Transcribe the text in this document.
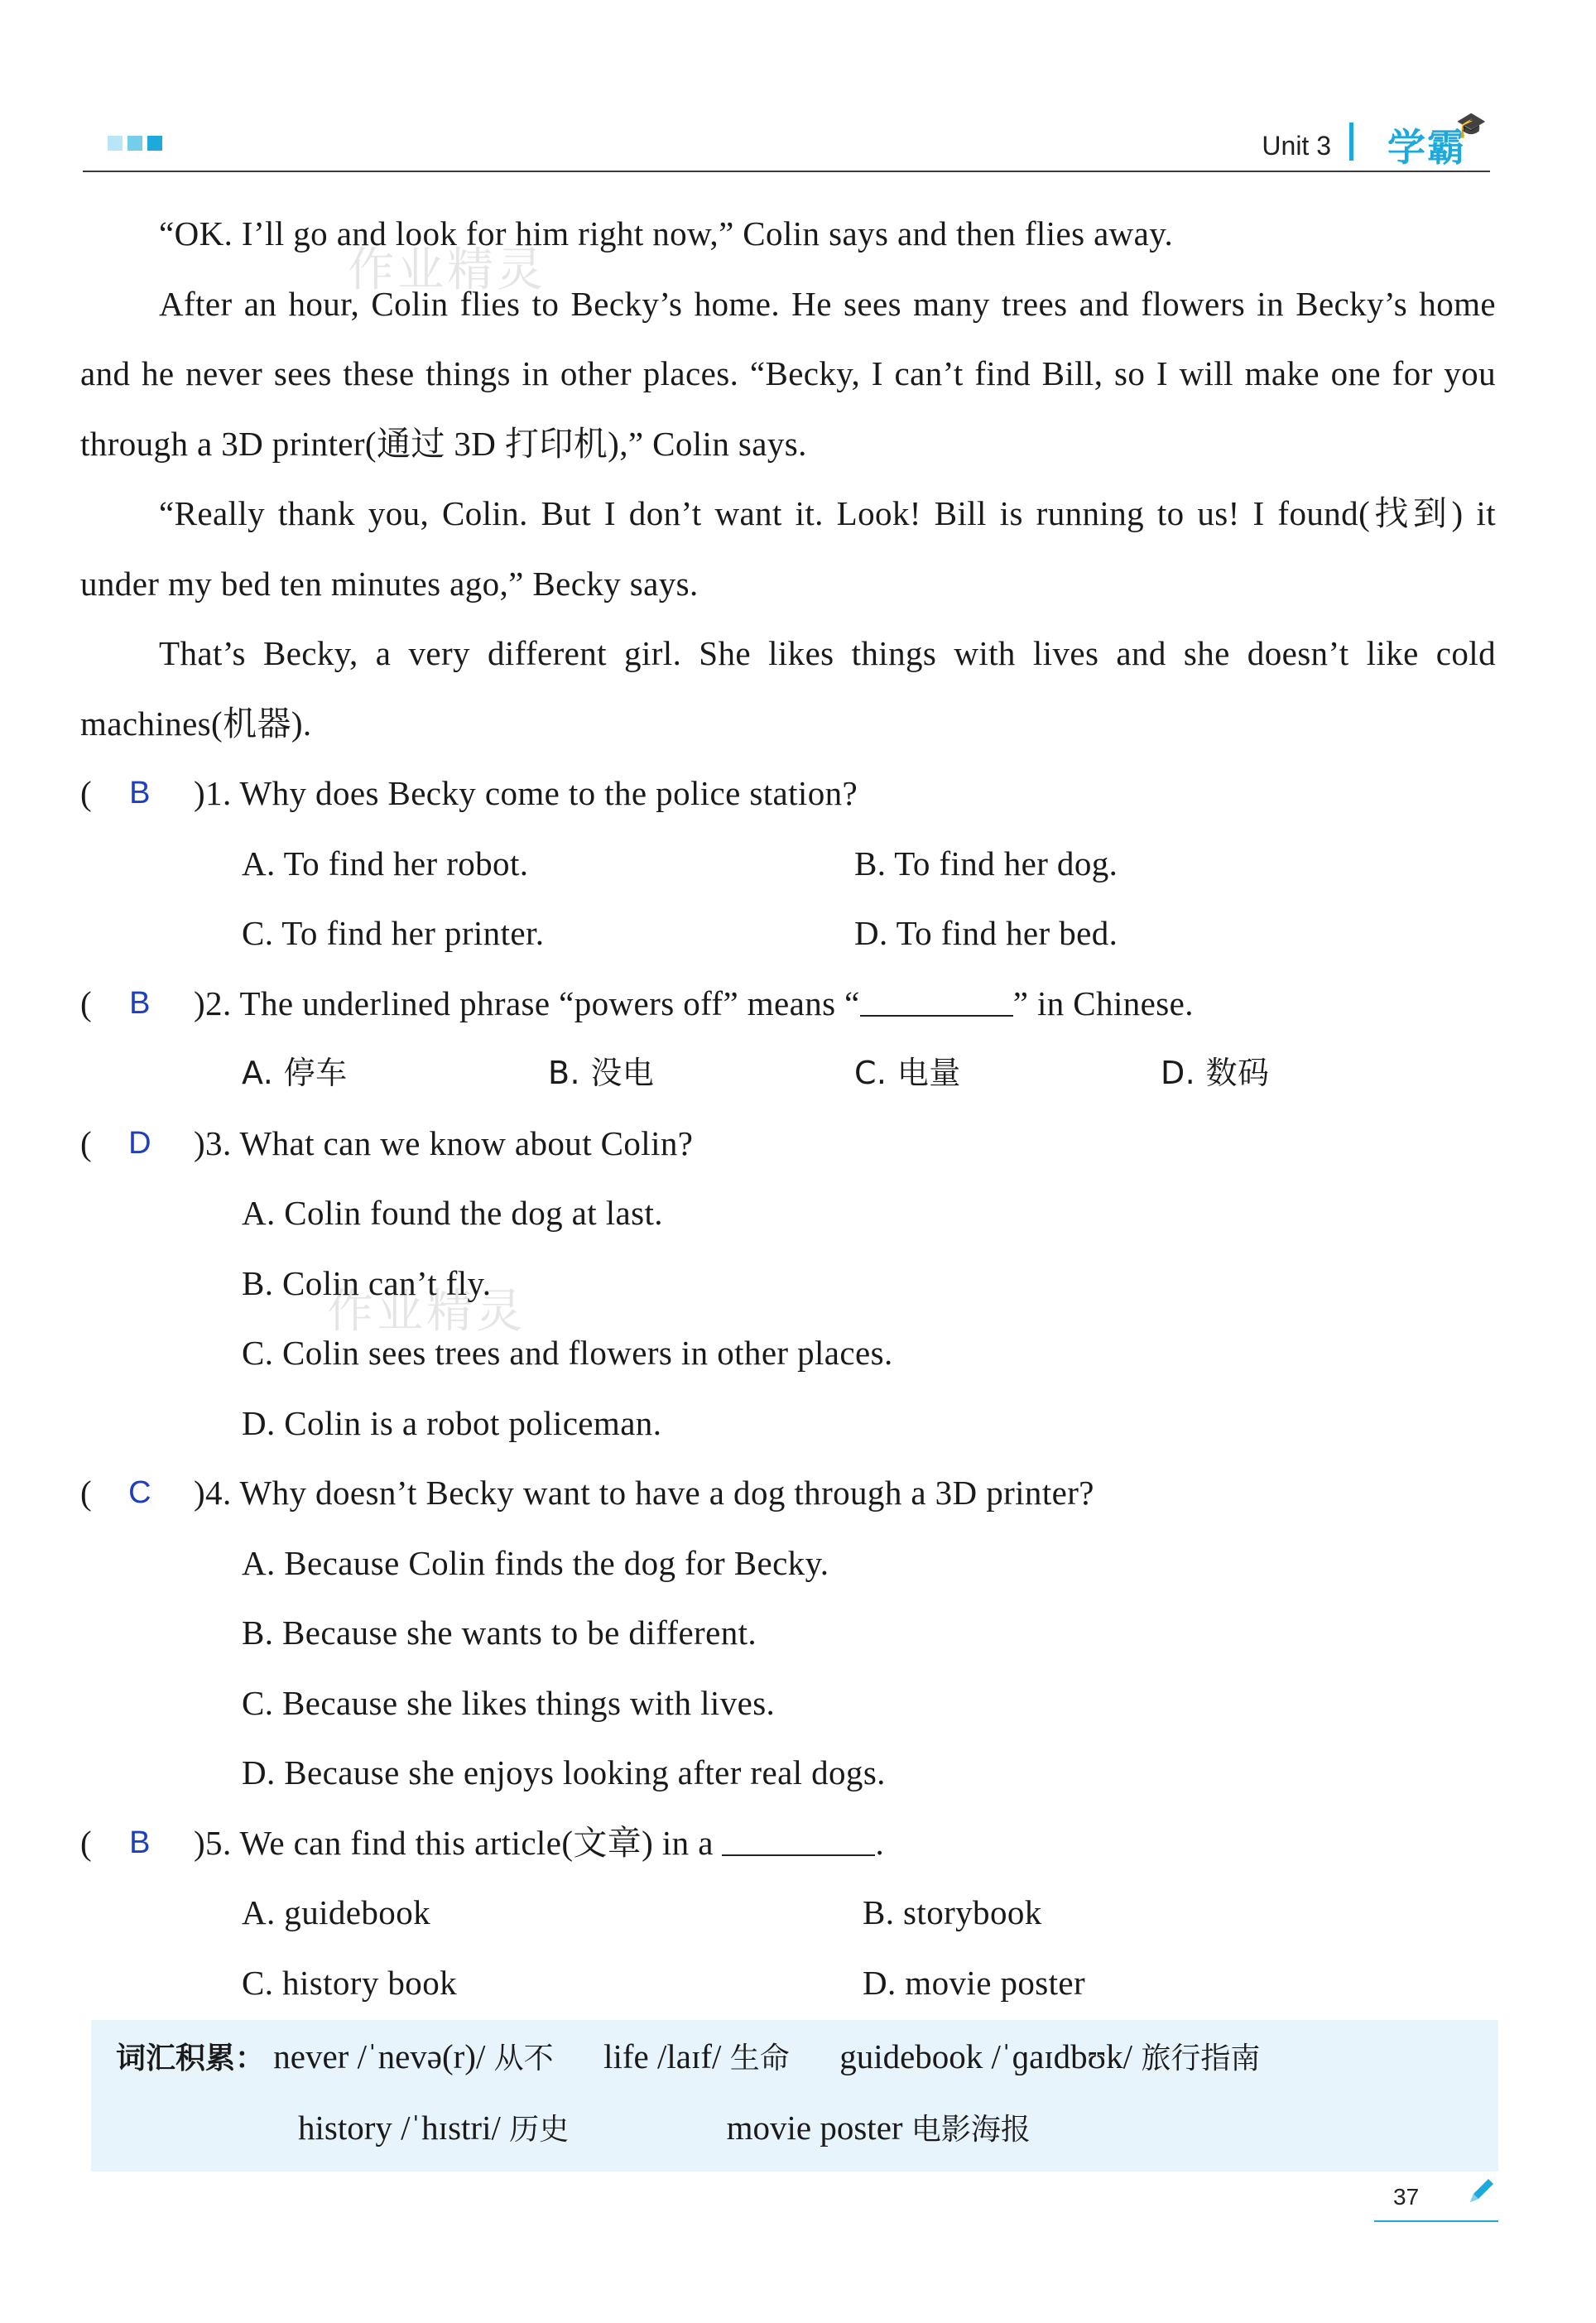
Unit 3 学霸
🎓
作业精灵
作业精灵

“OK. I’ll go and look for him right now,” Colin says and then flies away.

After an hour, Colin flies to Becky’s home. He sees many trees and flowers in Becky’s home and he never sees these things in other places. “Becky, I can’t find Bill, so I will make one for you through a 3D printer(通过 3D 打印机),” Colin says.

“Really thank you, Colin. But I don’t want it. Look! Bill is running to us! I found(找到) it under my bed ten minutes ago,” Becky says.

That’s Becky, a very different girl. She likes things with lives and she doesn’t like cold machines(机器).

( B )1. Why does Becky come to the police station?
A. To find her robot.	B. To find her dog.
C. To find her printer.	D. To find her bed.
( B )2. The underlined phrase “powers off” means “	” in Chinese.
A. 停车	B. 没电	C. 电量	D. 数码
( D )3. What can we know about Colin?
A. Colin found the dog at last.
B. Colin can’t fly.
C. Colin sees trees and flowers in other places.
D. Colin is a robot policeman.
( C )4. Why doesn’t Becky want to have a dog through a 3D printer?
A. Because Colin finds the dog for Becky.
B. Because she wants to be different.
C. Because she likes things with lives.
D. Because she enjoys looking after real dogs.
( B )5. We can find this article(文章) in a	.
A. guidebook	B. storybook
C. history book	D. movie poster
词汇积累： never /ˈnevə(r)/ 从不 life /laɪf/ 生命 guidebook /ˈɡaɪdbʊk/ 旅行指南
history /ˈhɪstri/ 历史	movie poster 电影海报
37
